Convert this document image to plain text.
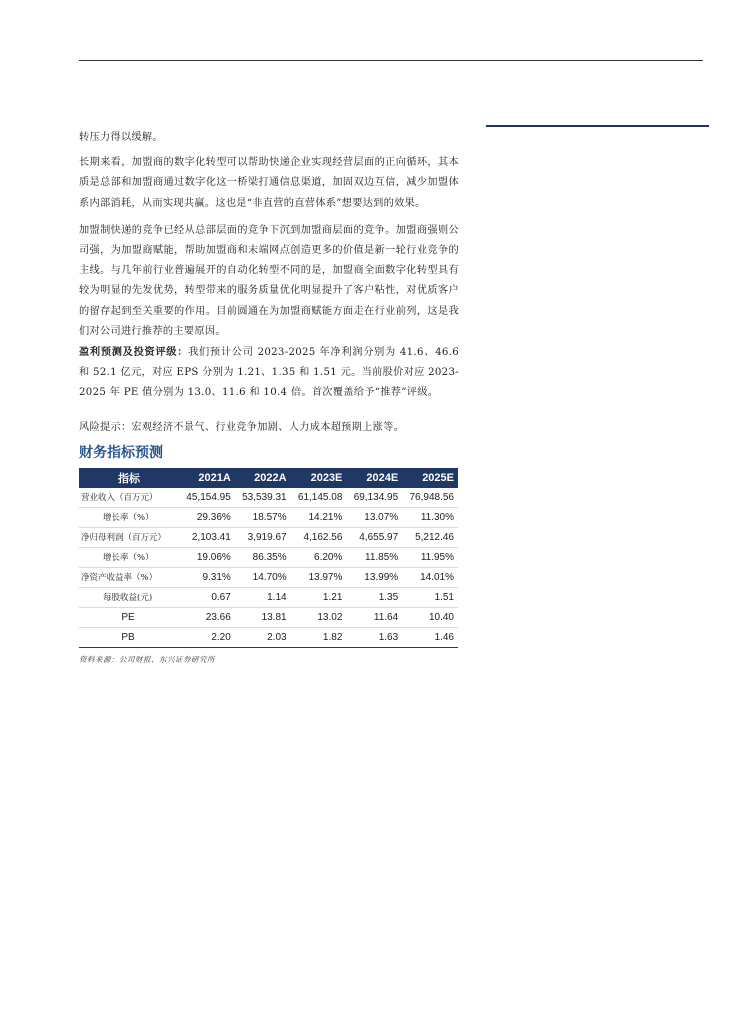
转压力得以缓解。

长期来看，加盟商的数字化转型可以帮助快递企业实现经营层面的正向循环，其本质是总部和加盟商通过数字化这一桥梁打通信息渠道，加固双边互信，减少加盟体系内部消耗，从而实现共赢。这也是“非直营的直营体系”想要达到的效果。

加盟制快递的竞争已经从总部层面的竞争下沉到加盟商层面的竞争。加盟商强则公司强，为加盟商赋能，帮助加盟商和末端网点创造更多的价值是新一轮行业竞争的主线。与几年前行业普遍展开的自动化转型不同的是，加盟商全面数字化转型具有较为明显的先发优势，转型带来的服务质量优化明显提升了客户粘性，对优质客户的留存起到至关重要的作用。目前圆通在为加盟商赋能方面走在行业前列，这是我们对公司进行推荐的主要原因。

盈利预测及投资评级：我们预计公司 2023-2025 年净利润分别为 41.6、46.6 和 52.1 亿元，对应 EPS 分别为 1.21、1.35 和 1.51 元。当前股价对应 2023-2025 年 PE 值分别为 13.0、11.6 和 10.4 倍。首次覆盖给予“推荐”评级。

风险提示：宏观经济不景气、行业竞争加剧、人力成本超预期上涨等。

财务指标预测
指标	2021A	2022A	2023E	2024E	2025E
营业收入（百万元）	45,154.95	53,539.31	61,145.08	69,134.95	76,948.56
增长率（%）	29.36%	18.57%	14.21%	13.07%	11.30%
净归母利润（百万元）	2,103.41	3,919.67	4,162.56	4,655.97	5,212.46
增长率（%）	19.06%	86.35%	6.20%	11.85%	11.95%
净资产收益率（%）	9.31%	14.70%	13.97%	13.99%	14.01%
每股收益(元)	0.67	1.14	1.21	1.35	1.51
PE	23.66	13.81	13.02	11.64	10.40
PB	2.20	2.03	1.82	1.63	1.46
资料来源：公司财报、东兴证券研究所
